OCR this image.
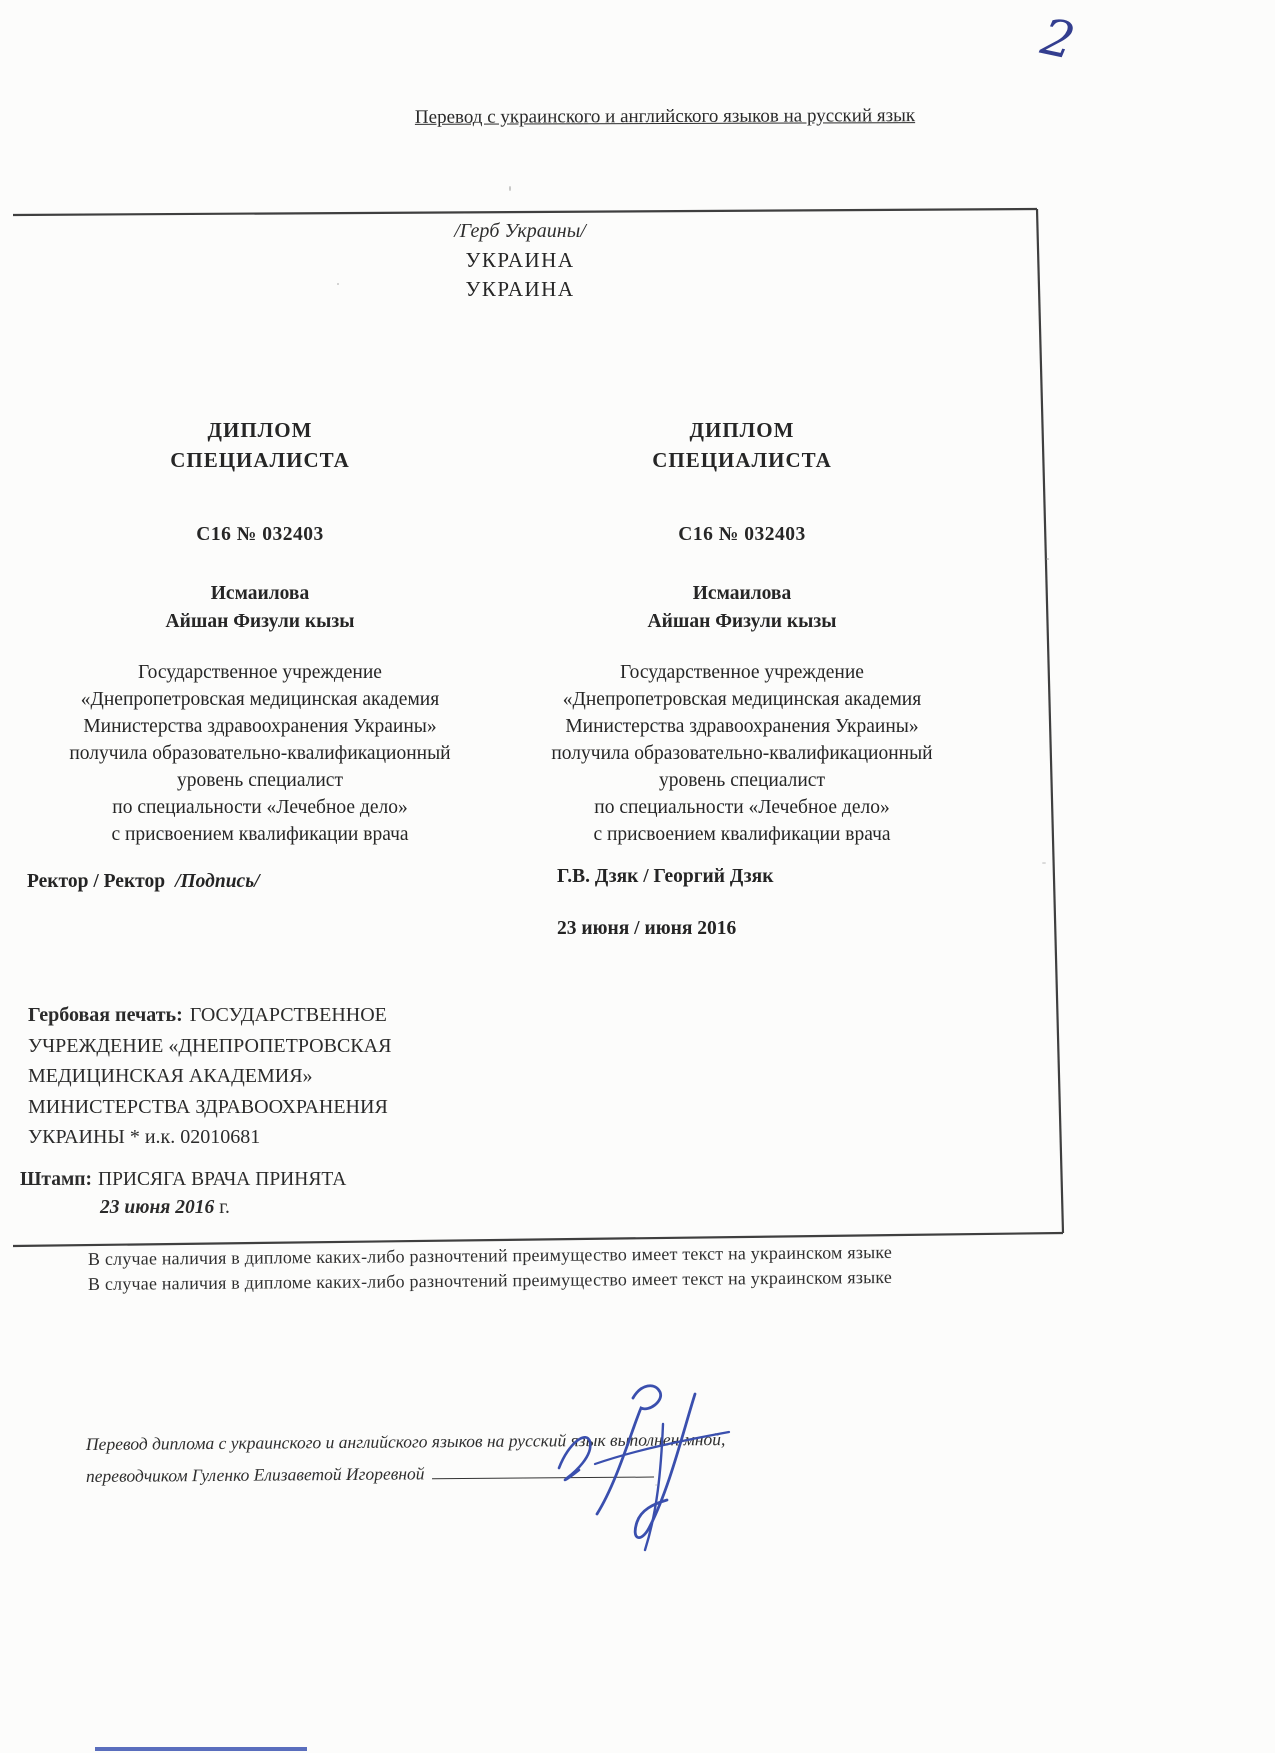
2
Перевод с украинского и английского языков на русский язык
/Герб Украины/
УКРАИНА
УКРАИНА
ДИПЛОМ
СПЕЦИАЛИСТА
С16 № 032403
Исмаилова
Айшан Физули кызы
Государственное учреждение
«Днепропетровская медицинская академия
Министерства здравоохранения Украины»
получила образовательно-квалификационный
уровень специалист
по специальности «Лечебное дело»
с присвоением квалификации врача
ДИПЛОМ
СПЕЦИАЛИСТА
С16 № 032403
Исмаилова
Айшан Физули кызы
Государственное учреждение
«Днепропетровская медицинская академия
Министерства здравоохранения Украины»
получила образовательно-квалификационный
уровень специалист
по специальности «Лечебное дело»
с присвоением квалификации врача
Ректор / Ректор /Подпись/	Г.В. Дзяк / Георгий Дзяк
23 июня / июня 2016
Гербовая печать: ГОСУДАРСТВЕННОЕ
УЧРЕЖДЕНИЕ «ДНЕПРОПЕТРОВСКАЯ
МЕДИЦИНСКАЯ АКАДЕМИЯ»
МИНИСТЕРСТВА ЗДРАВООХРАНЕНИЯ
УКРАИНЫ * и.к. 02010681
Штамп: ПРИСЯГА ВРАЧА ПРИНЯТА
23 июня 2016 г.
В случае наличия в дипломе каких-либо разночтений преимущество имеет текст на украинском языке
В случае наличия в дипломе каких-либо разночтений преимущество имеет текст на украинском языке
Перевод диплома с украинского и английского языков на русский язык выполнен мной,
переводчиком Гуленко Елизаветой Игоревной
